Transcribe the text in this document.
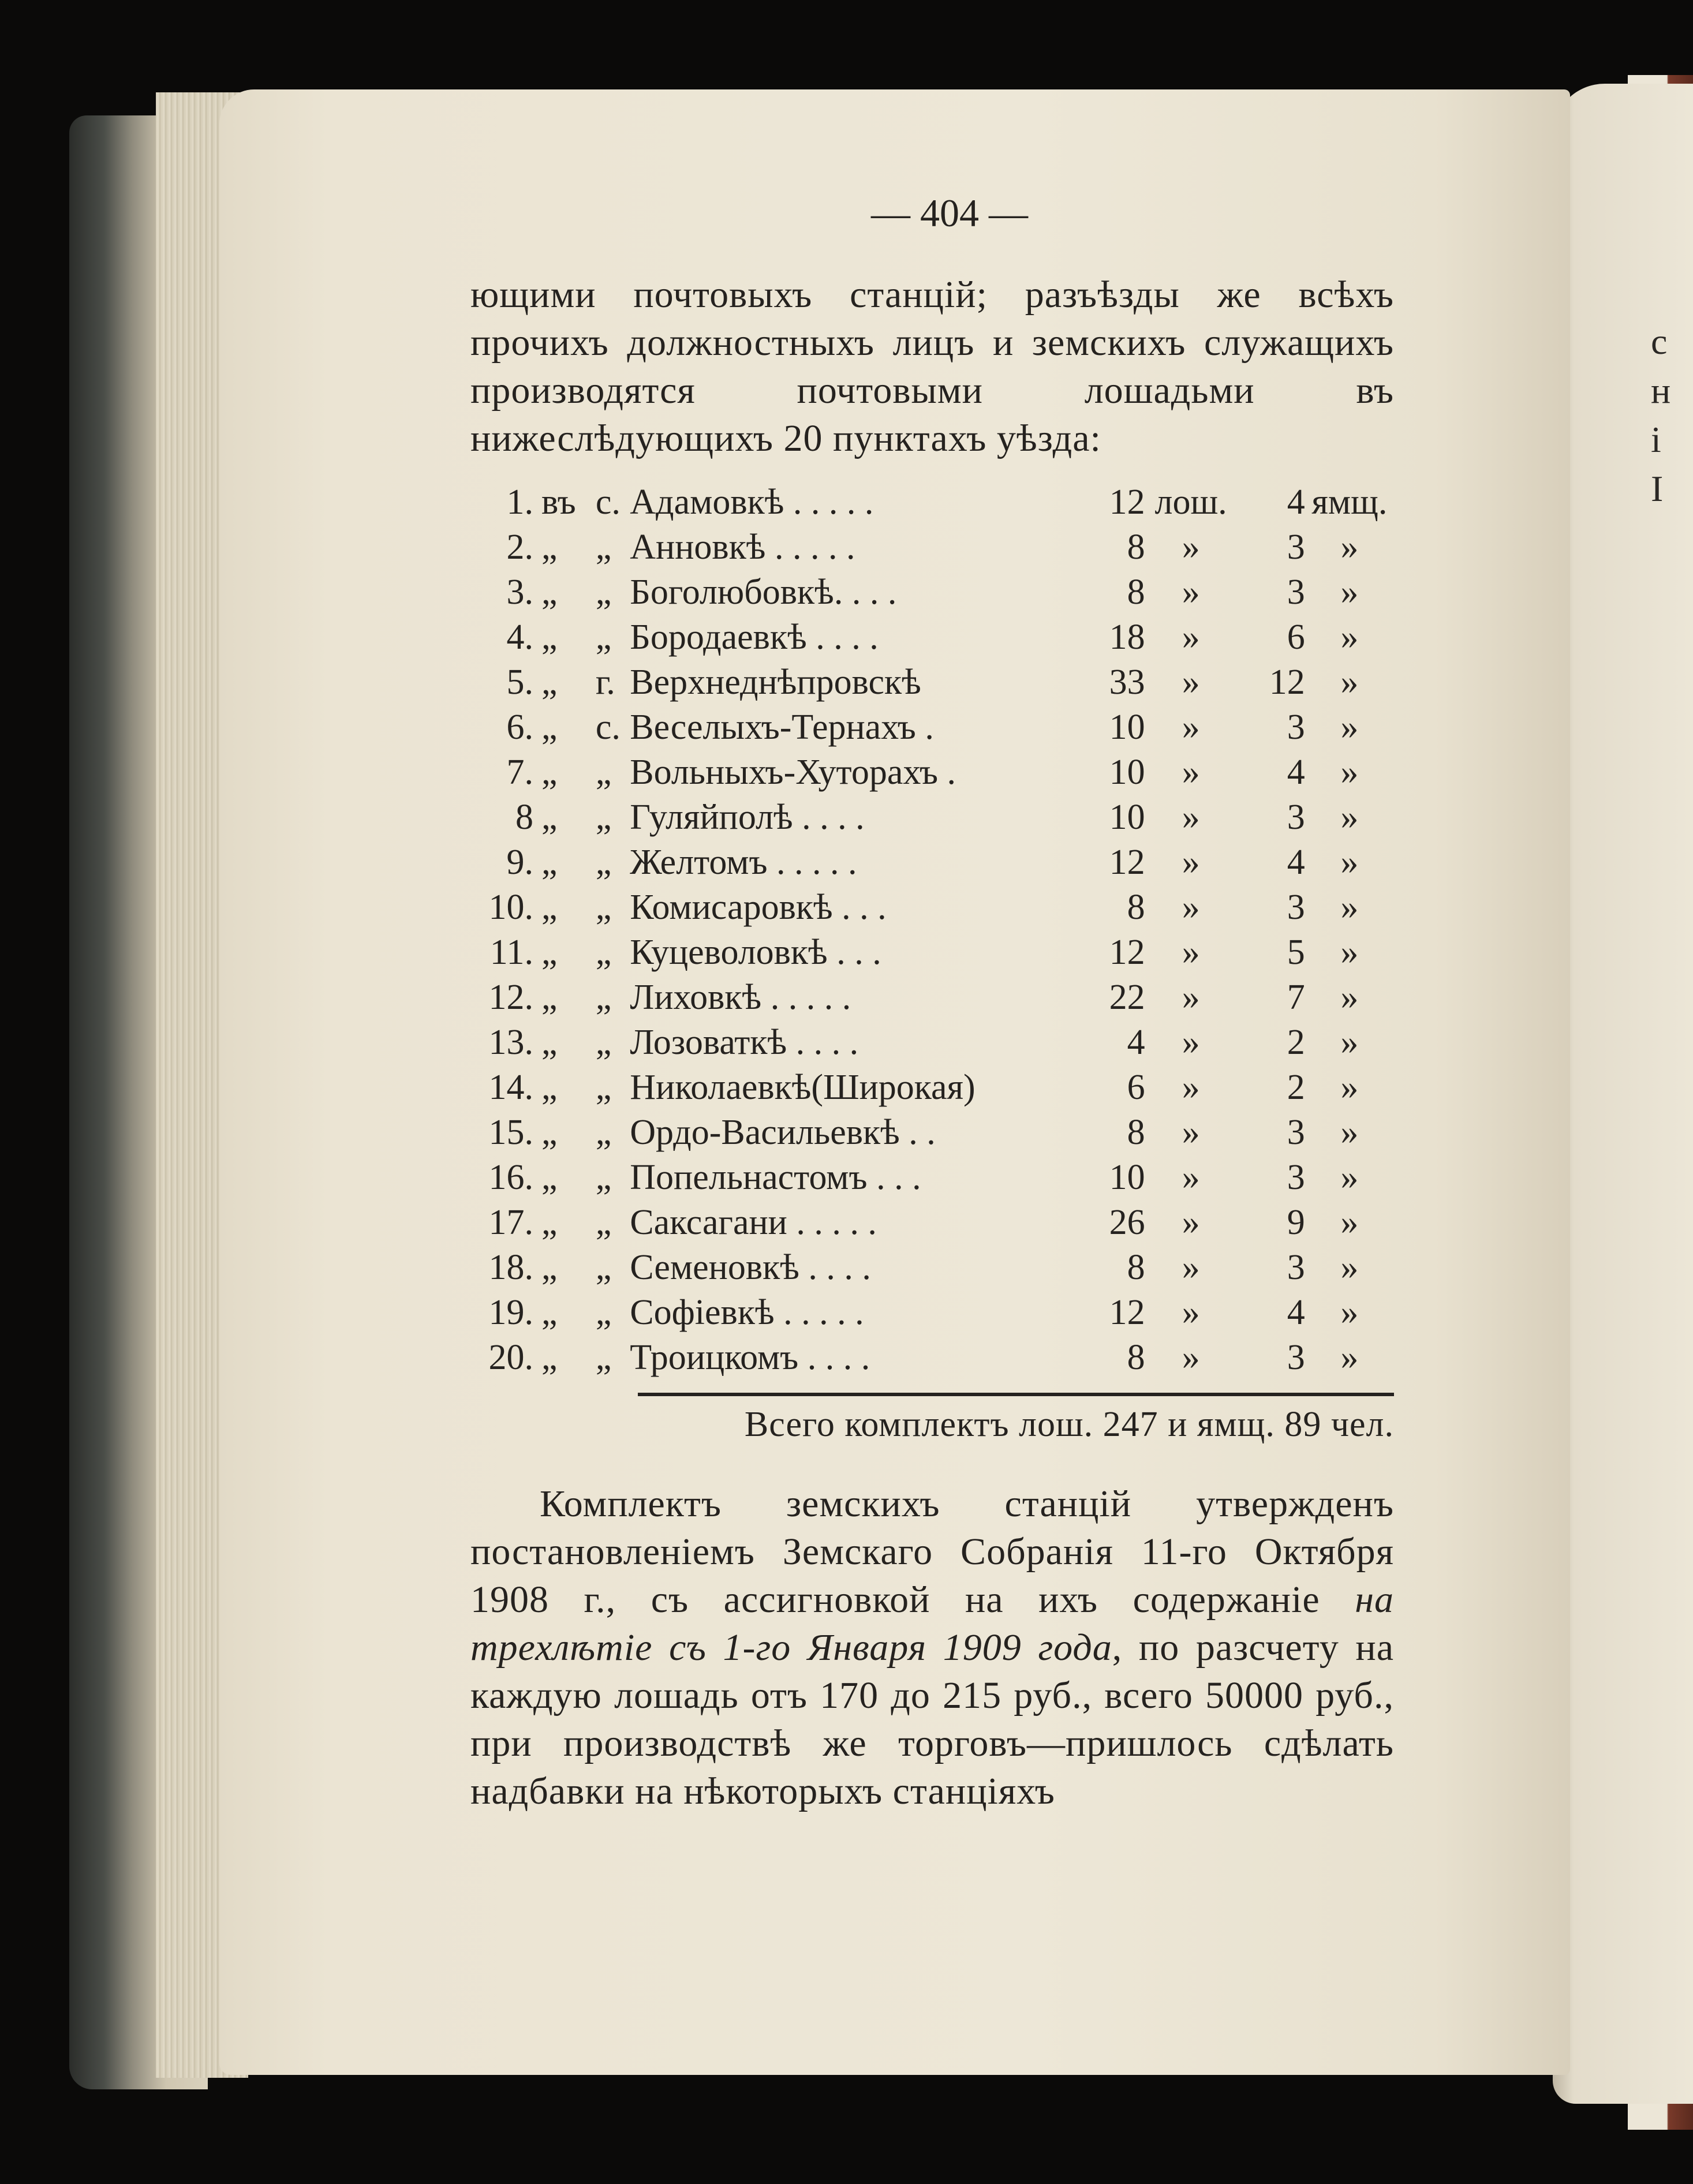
с
н
і
І
— 404 —

ющими почтовыхъ станцій; разъѣзды же всѣхъ прочихъ должностныхъ лицъ и земскихъ служащихъ производятся почтовыми лошадьми въ нижеслѣдующихъ 20 пунктахъ уѣзда:

1.	въ	с.	Адамовкѣ . . . . .	12	лош.	4	ямщ.
2.	„	„	Анновкѣ . . . . .	8	»	3	»
3.	„	„	Боголюбовкѣ. . . .	8	»	3	»
4.	„	„	Бородаевкѣ . . . .	18	»	6	»
5.	„	г.	Верхнеднѣпровскѣ	33	»	12	»
6.	„	с.	Веселыхъ-Тернахъ .	10	»	3	»
7.	„	„	Вольныхъ-Хуторахъ .	10	»	4	»
8	„	„	Гуляйполѣ . . . .	10	»	3	»
9.	„	„	Желтомъ . . . . .	12	»	4	»
10.	„	„	Комисаровкѣ . . .	8	»	3	»
11.	„	„	Куцеволовкѣ . . .	12	»	5	»
12.	„	„	Лиховкѣ . . . . .	22	»	7	»
13.	„	„	Лозоваткѣ . . . .	4	»	2	»
14.	„	„	Николаевкѣ(Широкая)	6	»	2	»
15.	„	„	Ордо-Васильевкѣ . .	8	»	3	»
16.	„	„	Попельнастомъ . . .	10	»	3	»
17.	„	„	Саксагани . . . . .	26	»	9	»
18.	„	„	Семеновкѣ . . . .	8	»	3	»
19.	„	„	Софіевкѣ . . . . .	12	»	4	»
20.	„	„	Троицкомъ . . . .	8	»	3	»
Всего комплектъ лош. 247 и ямщ. 89 чел.

Комплектъ земскихъ станцій утвержденъ постановленіемъ Земскаго Собранія 11-го Октября 1908 г., съ ассигновкой на ихъ содержаніе на трехлѣтіе съ 1-го Января 1909 года, по разсчету на каждую лошадь отъ 170 до 215 руб., всего 50000 руб., при производствѣ же торговъ—пришлось сдѣлать надбавки на нѣкоторыхъ станціяхъ
